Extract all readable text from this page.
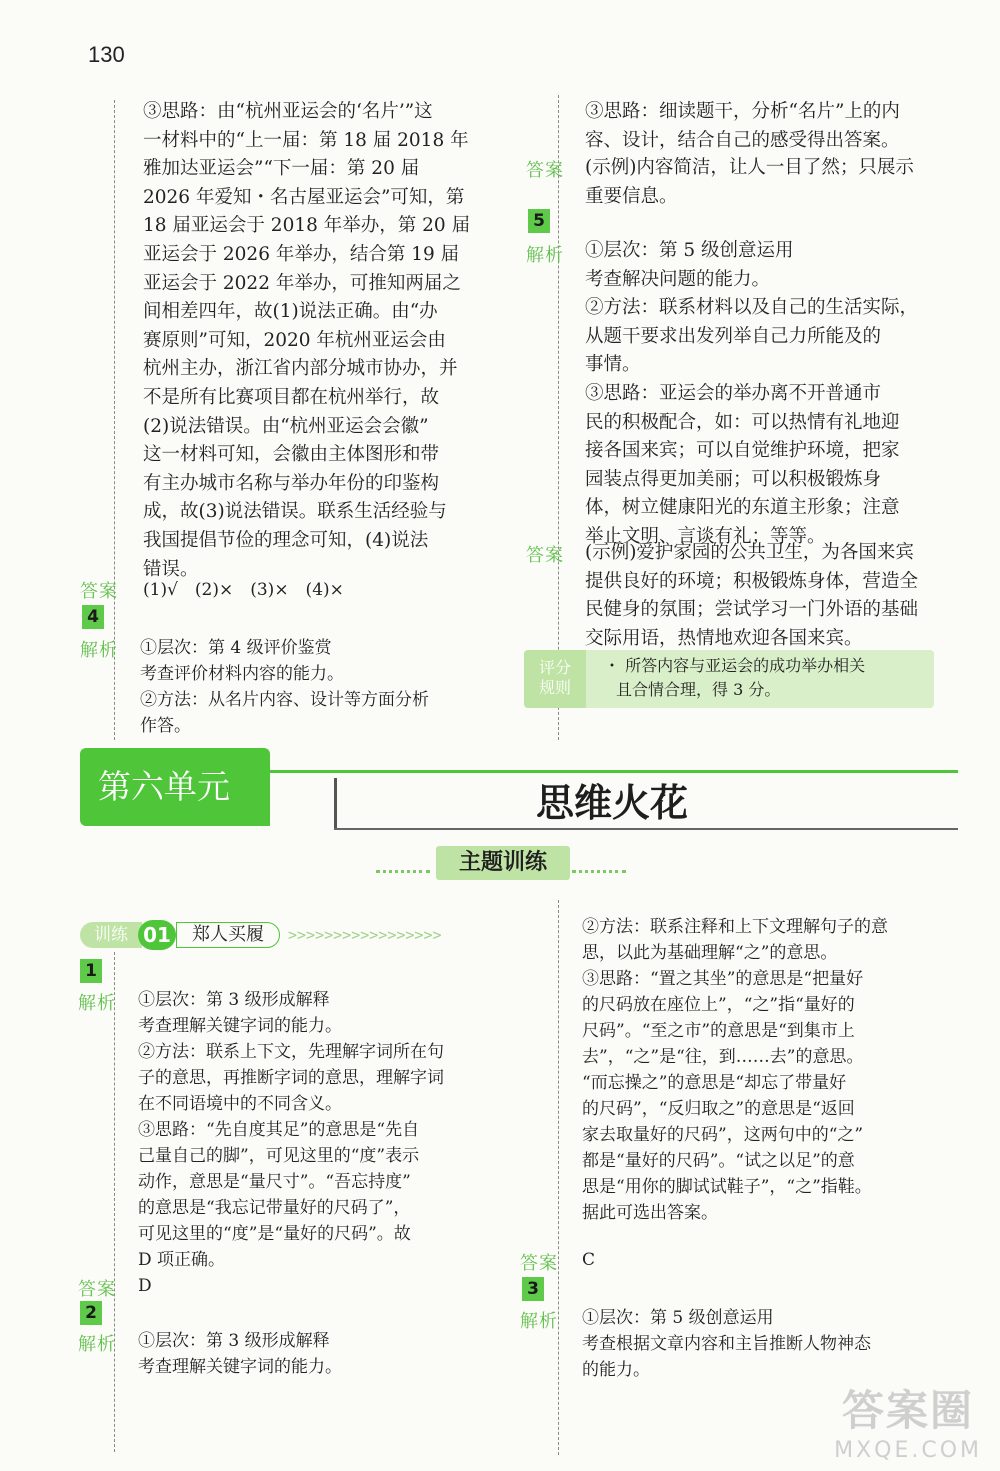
130
③思路：由“杭州亚运会的‘名片’”这
一材料中的“上一届：第 18 届 2018 年
雅加达亚运会”“下一届：第 20 届
2026 年爱知・名古屋亚运会”可知，第
18 届亚运会于 2018 年举办，第 20 届
亚运会于 2026 年举办，结合第 19 届
亚运会于 2022 年举办，可推知两届之
间相差四年，故(1)说法正确。由“办
赛原则”可知，2020 年杭州亚运会由
杭州主办，浙江省内部分城市协办，并
不是所有比赛项目都在杭州举行，故
(2)说法错误。由“杭州亚运会会徽”
这一材料可知，会徽由主体图形和带
有主办城市名称与举办年份的印鉴构
成，故(3)说法错误。联系生活经验与
我国提倡节俭的理念可知，(4)说法
错误。
答案 (1)√　(2)×　(3)×　(4)×
4
解析 ①层次：第 4 级评价鉴赏
考查评价材料内容的能力。
②方法：从名片内容、设计等方面分析
作答。
③思路：细读题干，分析“名片”上的内
容、设计，结合自己的感受得出答案。
答案 (示例)内容简洁，让人一目了然；只展示
重要信息。
5
解析 ①层次：第 5 级创意运用
考查解决问题的能力。
②方法：联系材料以及自己的生活实际，
从题干要求出发列举自己力所能及的
事情。
③思路：亚运会的举办离不开普通市
民的积极配合，如：可以热情有礼地迎
接各国来宾；可以自觉维护环境，把家
园装点得更加美丽；可以积极锻炼身
体，树立健康阳光的东道主形象；注意
举止文明、言谈有礼；等等。
答案 (示例)爱护家园的公共卫生，为各国来宾
提供良好的环境；积极锻炼身体，营造全
民健身的氛围；尝试学习一门外语的基础
交际用语，热情地欢迎各国来宾。
评分
规则
・ 所答内容与亚运会的成功举办相关
且合情合理，得 3 分。
第六单元	思维火花
主题训练
训练	郑人买履
01	>>>>>>>>>>>>>>>>>
1
解析 ①层次：第 3 级形成解释
考查理解关键字词的能力。
②方法：联系上下文，先理解字词所在句
子的意思，再推断字词的意思，理解字词
在不同语境中的不同含义。
③思路：“先自度其足”的意思是“先自
己量自己的脚”，可见这里的“度”表示
动作，意思是“量尺寸”。“吾忘持度”
的意思是“我忘记带量好的尺码了”，
可见这里的“度”是“量好的尺码”。故
D 项正确。
答案 D
2
解析 ①层次：第 3 级形成解释
考查理解关键字词的能力。
②方法：联系注释和上下文理解句子的意
思，以此为基础理解“之”的意思。
③思路：“置之其坐”的意思是“把量好
的尺码放在座位上”，“之”指“量好的
尺码”。“至之市”的意思是“到集市上
去”，“之”是“往，到……去”的意思。
“而忘操之”的意思是“却忘了带量好
的尺码”，“反归取之”的意思是“返回
家去取量好的尺码”，这两句中的“之”
都是“量好的尺码”。“试之以足”的意
思是“用你的脚试试鞋子”，“之”指鞋。
据此可选出答案。
答案 C
3
解析 ①层次：第 5 级创意运用
考查根据文章内容和主旨推断人物神态
的能力。
答案圈
MXQE.COM
